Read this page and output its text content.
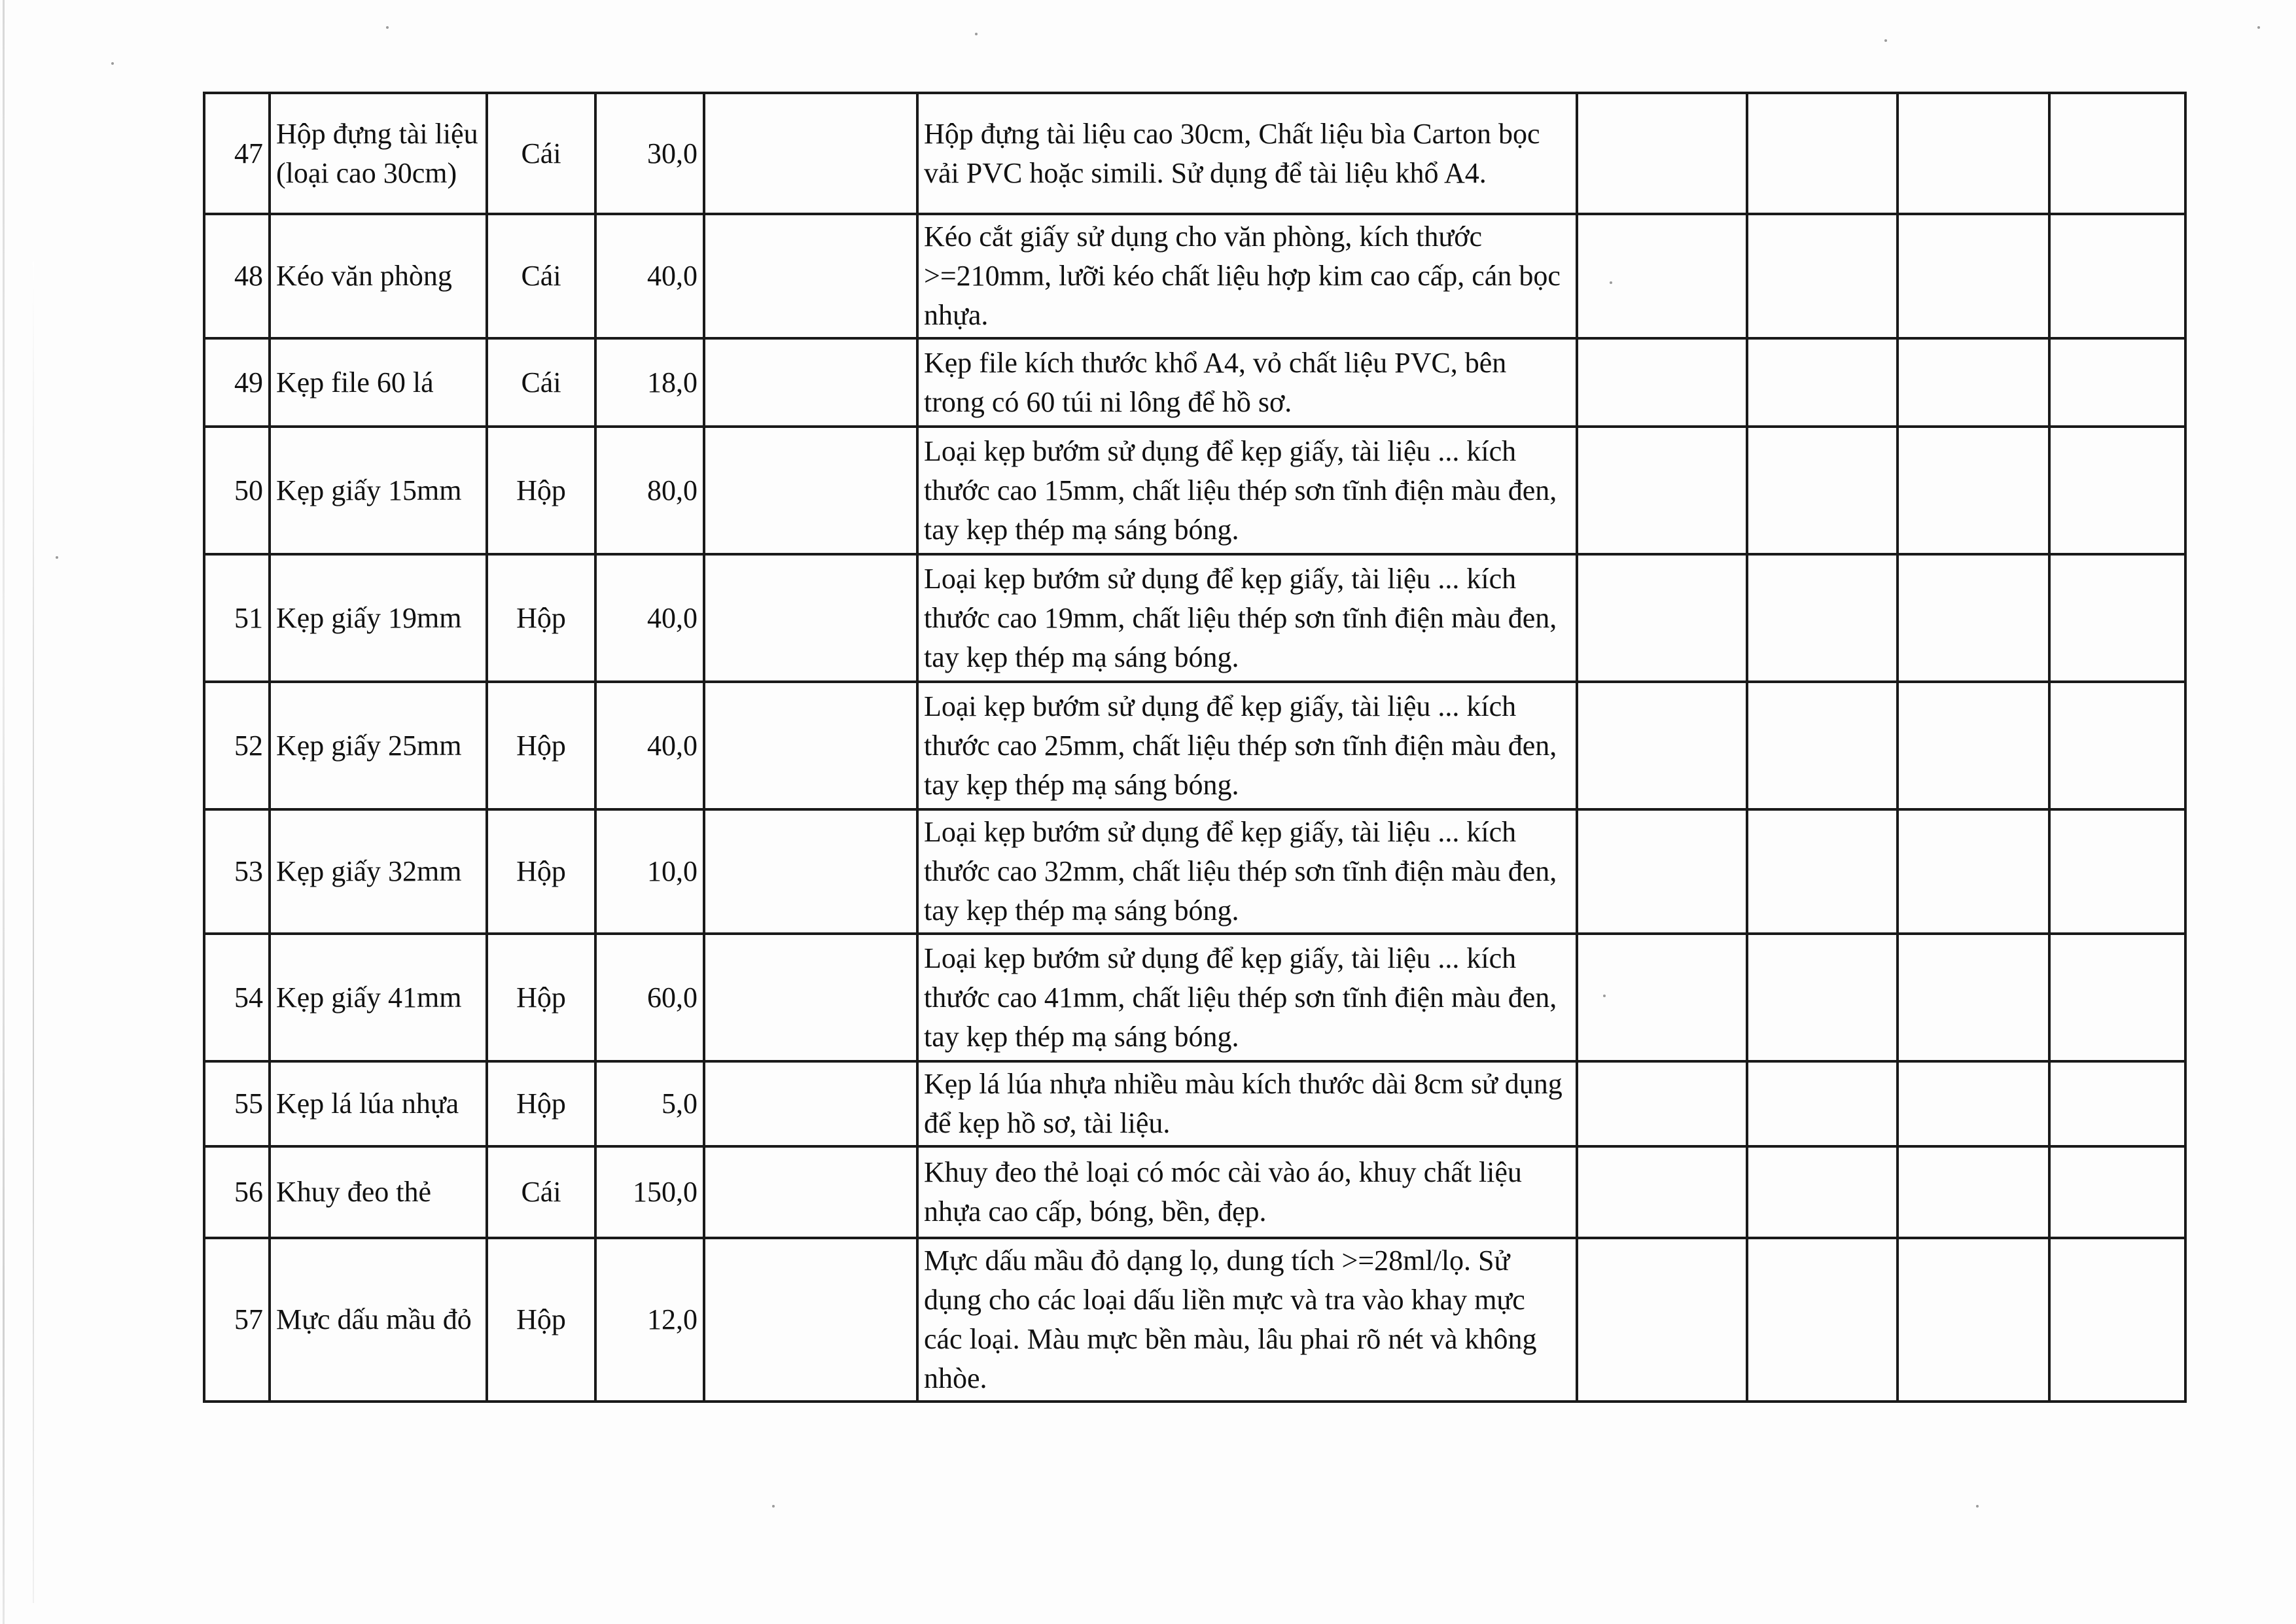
47	Hộp đựng tài liệu (loại cao 30cm)	Cái	30,0		Hộp đựng tài liệu cao 30cm, Chất liệu bìa Carton bọc vải PVC hoặc simili. Sử dụng để tài liệu khổ A4.				
48	Kéo văn phòng	Cái	40,0		Kéo cắt giấy sử dụng cho văn phòng, kích thước >=210mm, lưỡi kéo chất liệu hợp kim cao cấp, cán bọc nhựa.				
49	Kẹp file 60 lá	Cái	18,0		Kẹp file kích thước khổ A4, vỏ chất liệu PVC, bên trong có 60 túi ni lông để hồ sơ.				
50	Kẹp giấy 15mm	Hộp	80,0		Loại kẹp bướm sử dụng để kẹp giấy, tài liệu ... kích thước cao 15mm, chất liệu thép sơn tĩnh điện màu đen, tay kẹp thép mạ sáng bóng.				
51	Kẹp giấy 19mm	Hộp	40,0		Loại kẹp bướm sử dụng để kẹp giấy, tài liệu ... kích thước cao 19mm, chất liệu thép sơn tĩnh điện màu đen, tay kẹp thép mạ sáng bóng.				
52	Kẹp giấy 25mm	Hộp	40,0		Loại kẹp bướm sử dụng để kẹp giấy, tài liệu ... kích thước cao 25mm, chất liệu thép sơn tĩnh điện màu đen, tay kẹp thép mạ sáng bóng.				
53	Kẹp giấy 32mm	Hộp	10,0		Loại kẹp bướm sử dụng để kẹp giấy, tài liệu ... kích thước cao 32mm, chất liệu thép sơn tĩnh điện màu đen, tay kẹp thép mạ sáng bóng.				
54	Kẹp giấy 41mm	Hộp	60,0		Loại kẹp bướm sử dụng để kẹp giấy, tài liệu ... kích thước cao 41mm, chất liệu thép sơn tĩnh điện màu đen, tay kẹp thép mạ sáng bóng.				
55	Kẹp lá lúa nhựa	Hộp	5,0		Kẹp lá lúa nhựa nhiều màu kích thước dài 8cm sử dụng để kẹp hồ sơ, tài liệu.				
56	Khuy đeo thẻ	Cái	150,0		Khuy đeo thẻ loại có móc cài vào áo, khuy chất liệu nhựa cao cấp, bóng, bền, đẹp.				
57	Mực dấu mầu đỏ	Hộp	12,0		Mực dấu mầu đỏ dạng lọ, dung tích >=28ml/lọ. Sử dụng cho các loại dấu liền mực và tra vào khay mực các loại. Màu mực bền màu, lâu phai rõ nét và không nhòe.				
